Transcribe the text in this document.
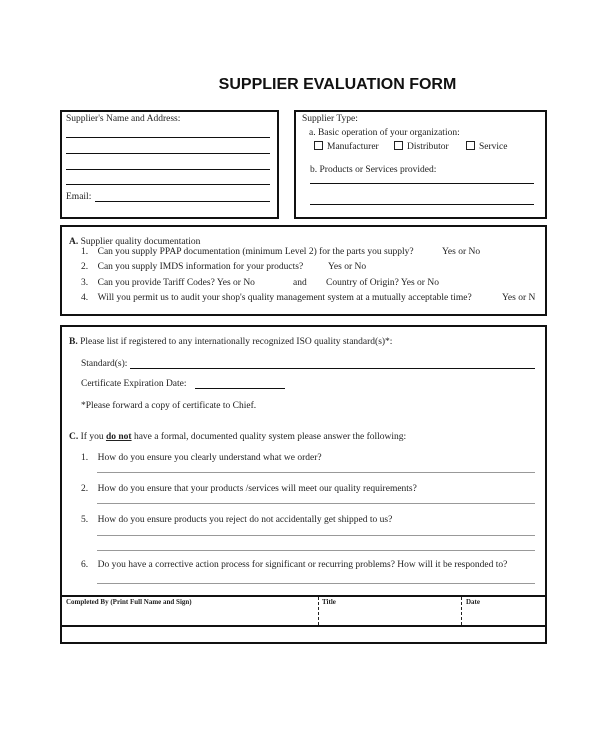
SUPPLIER EVALUATION FORM
Supplier's Name and Address:
Email:
Supplier Type:
a. Basic operation of your organization:
Manufacturer	Distributor	Service
b. Products or Services provided:
A. Supplier quality documentation
1. Can you supply PPAP documentation (minimum Level 2) for the parts you supply?	Yes or No
2. Can you supply IMDS information for your products?	Yes or No
3. Can you provide Tariff Codes? Yes or No	and Country of Origin? Yes or No
4. Will you permit us to audit your shop's quality management system at a mutually acceptable time?	Yes or N
B. Please list if registered to any internationally recognized ISO quality standard(s)*:
Standard(s):
Certificate Expiration Date:
*Please forward a copy of certificate to Chief.
C. If you do not have a formal, documented quality system please answer the following:
1. How do you ensure you clearly understand what we order?
2. How do you ensure that your products /services will meet our quality requirements?
5. How do you ensure products you reject do not accidentally get shipped to us?
6. Do you have a corrective action process for significant or recurring problems? How will it be responded to?
Completed By (Print Full Name and Sign)	Title	Date
